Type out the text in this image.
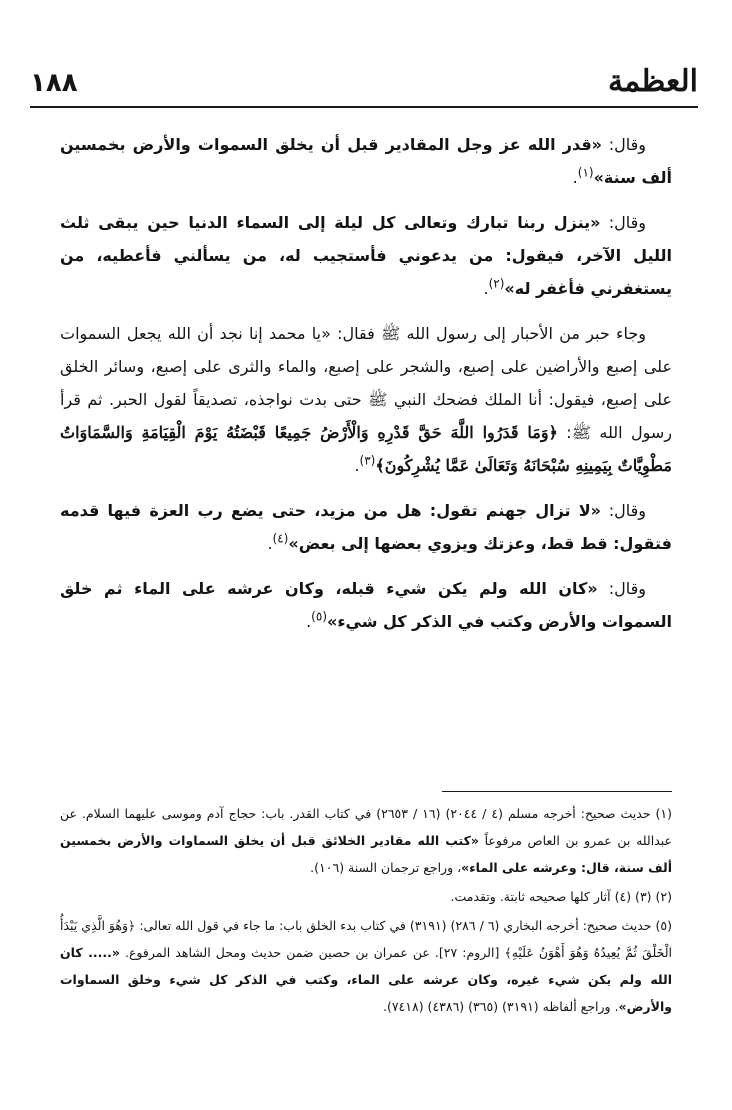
العظمة
١٨٨

وقال: «قدر الله عز وجل المقادير قبل أن يخلق السموات والأرض بخمسين ألف سنة»$^{(١)}$.

وقال: «ينزل ربنا تبارك وتعالى كل ليلة إلى السماء الدنيا حين يبقى ثلث الليل الآخر، فيقول: من يدعوني فأستجيب له، من يسألني فأعطيه، من يستغفرني فأغفر له»$^{(٢)}$.

وجاء حبر من الأحبار إلى رسول الله ﷺ فقال: «يا محمد إنا نجد أن الله يجعل السموات على إصبع والأراضين على إصبع، والشجر على إصبع، والماء والثرى على إصبع، وسائر الخلق على إصبع، فيقول: أنا الملك فضحك النبي ﷺ حتى بدت نواجذه، تصديقاً لقول الحبر. ثم قرأ رسول الله ﷺ: ﴿وَمَا قَدَرُوا اللَّهَ حَقَّ قَدْرِهِ وَالْأَرْضُ جَمِيعًا قَبْضَتُهُ يَوْمَ الْقِيَامَةِ وَالسَّمَاوَاتُ مَطْوِيَّاتٌ بِيَمِينِهِ سُبْحَانَهُ وَتَعَالَىٰ عَمَّا يُشْرِكُونَ﴾$^{(٣)}$.

وقال: «لا تزال جهنم تقول: هل من مزيد، حتى يضع رب العزة فيها قدمه فتقول: قط قط، وعزتك ويزوي بعضها إلى بعض»$^{(٤)}$.

وقال: «كان الله ولم يكن شيء قبله، وكان عرشه على الماء ثم خلق السموات والأرض وكتب في الذكر كل شيء»$^{(٥)}$.

(١) حديث صحيح: أخرجه مسلم (٤ / ٢٠٤٤) (١٦ / ٢٦٥٣) في كتاب القدر. باب: حجاج آدم وموسى عليهما السلام. عن عبدالله بن عمرو بن العاص مرفوعاً «كتب الله مقادير الخلائق قبل أن يخلق السماوات والأرض بخمسين ألف سنة، قال: وعرشه على الماء»، وراجع ترجمان السنة (١٠٦).

(٢) (٣) (٤) آثار كلها صحيحه ثابتة. وتقدمت.

(٥) حديث صحيح: أخرجه البخاري (٦ / ٢٨٦) (٣١٩١) في كتاب بدء الخلق باب: ما جاء في قول الله تعالى: ﴿وَهُوَ الَّذِي يَبْدَأُ الْخَلْقَ ثُمَّ يُعِيدُهُ وَهُوَ أَهْوَنُ عَلَيْهِ﴾ [الروم: ٢٧]. عن عمران بن حصين ضمن حديث ومحل الشاهد المرفوع. «..... كان الله ولم يكن شيء غيره، وكان عرشه على الماء، وكتب في الذكر كل شيء وخلق السماوات والأرض». وراجع ألفاظه (٣١٩١) (٣٦٥) (٤٣٨٦) (٧٤١٨).
